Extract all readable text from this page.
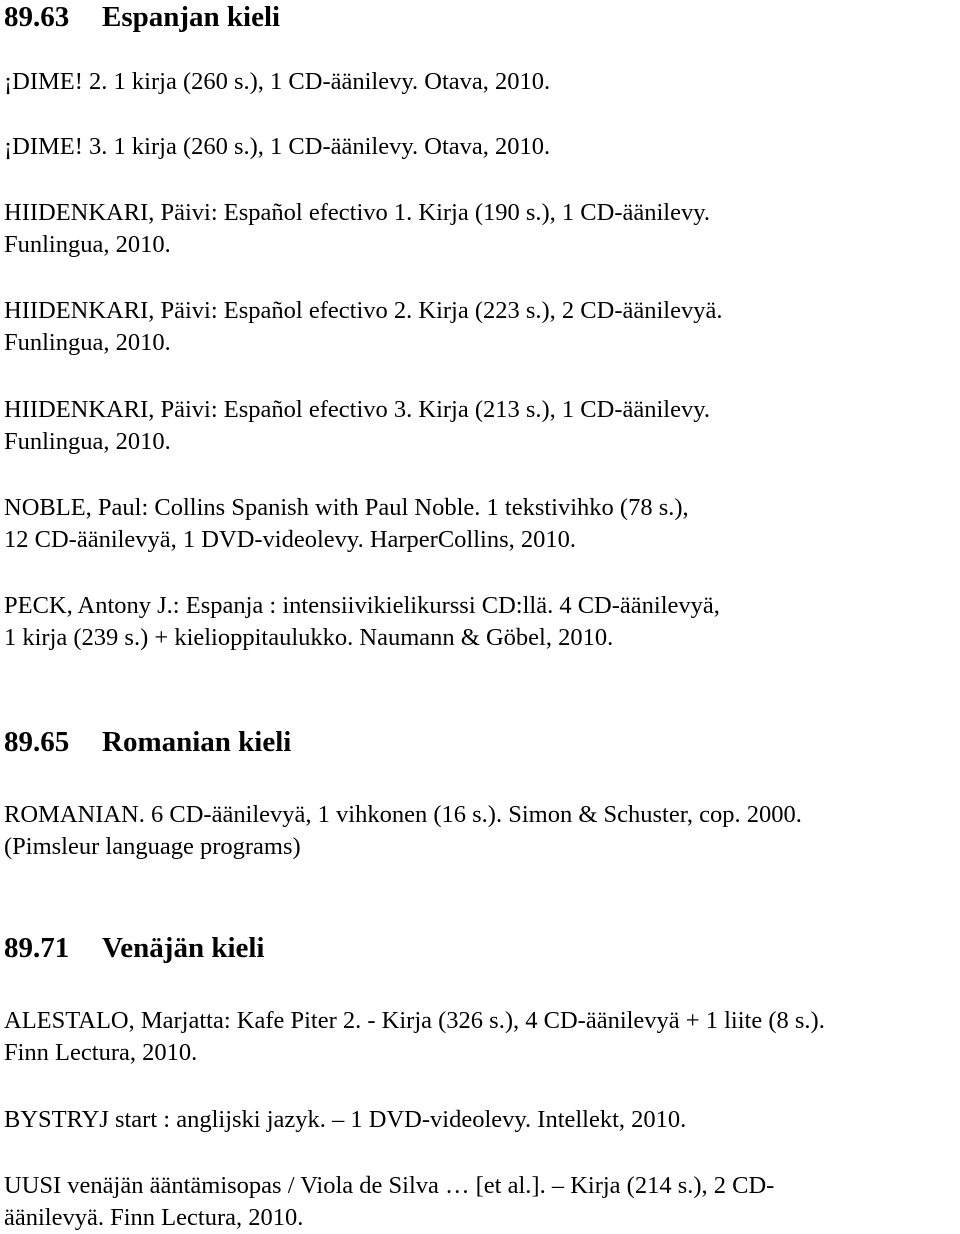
89.63 Espanjan kieli

¡DIME! 2. 1 kirja (260 s.), 1 CD-äänilevy. Otava, 2010.

¡DIME! 3. 1 kirja (260 s.), 1 CD-äänilevy. Otava, 2010.

HIIDENKARI, Päivi: Español efectivo 1. Kirja (190 s.), 1 CD-äänilevy.
Funlingua, 2010.

HIIDENKARI, Päivi: Español efectivo 2. Kirja (223 s.), 2 CD-äänilevyä.
Funlingua, 2010.

HIIDENKARI, Päivi: Español efectivo 3. Kirja (213 s.), 1 CD-äänilevy.
Funlingua, 2010.

NOBLE, Paul: Collins Spanish with Paul Noble. 1 tekstivihko (78 s.),
12 CD-äänilevyä, 1 DVD-videolevy. HarperCollins, 2010.

PECK, Antony J.: Espanja : intensiivikielikurssi CD:llä. 4 CD-äänilevyä,
1 kirja (239 s.) + kielioppitaulukko. Naumann & Göbel, 2010.

89.65 Romanian kieli

ROMANIAN. 6 CD-äänilevyä, 1 vihkonen (16 s.). Simon & Schuster, cop. 2000.
(Pimsleur language programs)

89.71 Venäjän kieli

ALESTALO, Marjatta: Kafe Piter 2. - Kirja (326 s.), 4 CD-äänilevyä + 1 liite (8 s.).
Finn Lectura, 2010.

BYSTRYJ start : anglijski jazyk. – 1 DVD-videolevy. Intellekt, 2010.

UUSI venäjän ääntämisopas / Viola de Silva … [et al.]. – Kirja (214 s.), 2 CD-
äänilevyä. Finn Lectura, 2010.
